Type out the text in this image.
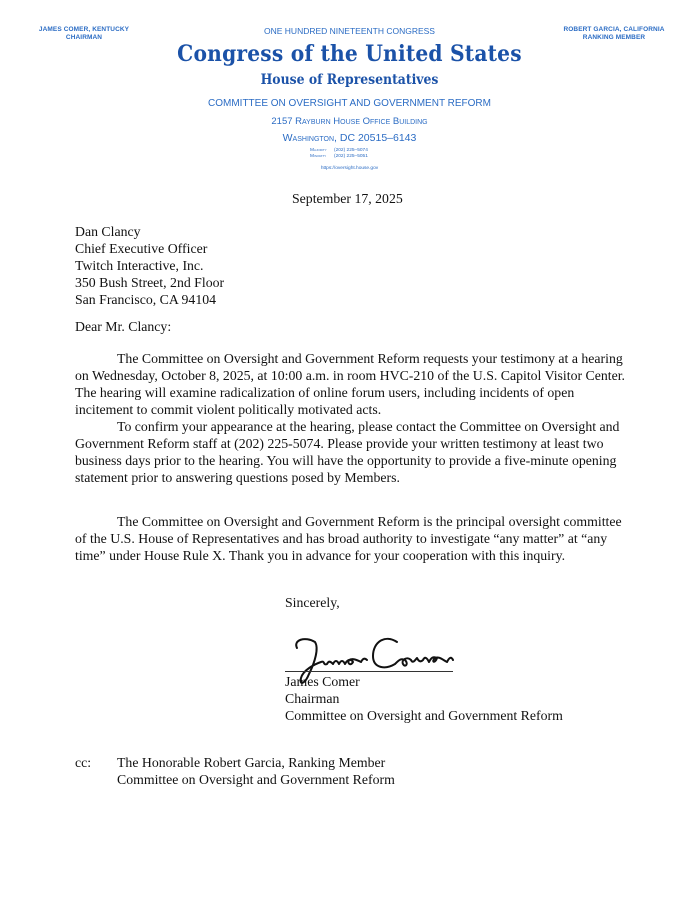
JAMES COMER, KENTUCKY
CHAIRMAN
ROBERT GARCIA, CALIFORNIA
RANKING MEMBER
ONE HUNDRED NINETEENTH CONGRESS
Congress of the United States
House of Representatives
COMMITTEE ON OVERSIGHT AND GOVERNMENT REFORM
2157 Rayburn House Office Building
Washington, DC 20515–6143
Majority (202) 225–5074
Minority (202) 225–5051
https://oversight.house.gov
September 17, 2025
Dan Clancy
Chief Executive Officer
Twitch Interactive, Inc.
350 Bush Street, 2nd Floor
San Francisco, CA 94104
Dear Mr. Clancy:
The Committee on Oversight and Government Reform requests your testimony at a hearing on Wednesday, October 8, 2025, at 10:00 a.m. in room HVC-210 of the U.S. Capitol Visitor Center. The hearing will examine radicalization of online forum users, including incidents of open incitement to commit violent politically motivated acts.
To confirm your appearance at the hearing, please contact the Committee on Oversight and Government Reform staff at (202) 225-5074. Please provide your written testimony at least two business days prior to the hearing. You will have the opportunity to provide a five-minute opening statement prior to answering questions posed by Members.
The Committee on Oversight and Government Reform is the principal oversight committee of the U.S. House of Representatives and has broad authority to investigate “any matter” at “any time” under House Rule X. Thank you in advance for your cooperation with this inquiry.
Sincerely,
James Comer
Chairman
Committee on Oversight and Government Reform
cc: The Honorable Robert Garcia, Ranking Member
Committee on Oversight and Government Reform
